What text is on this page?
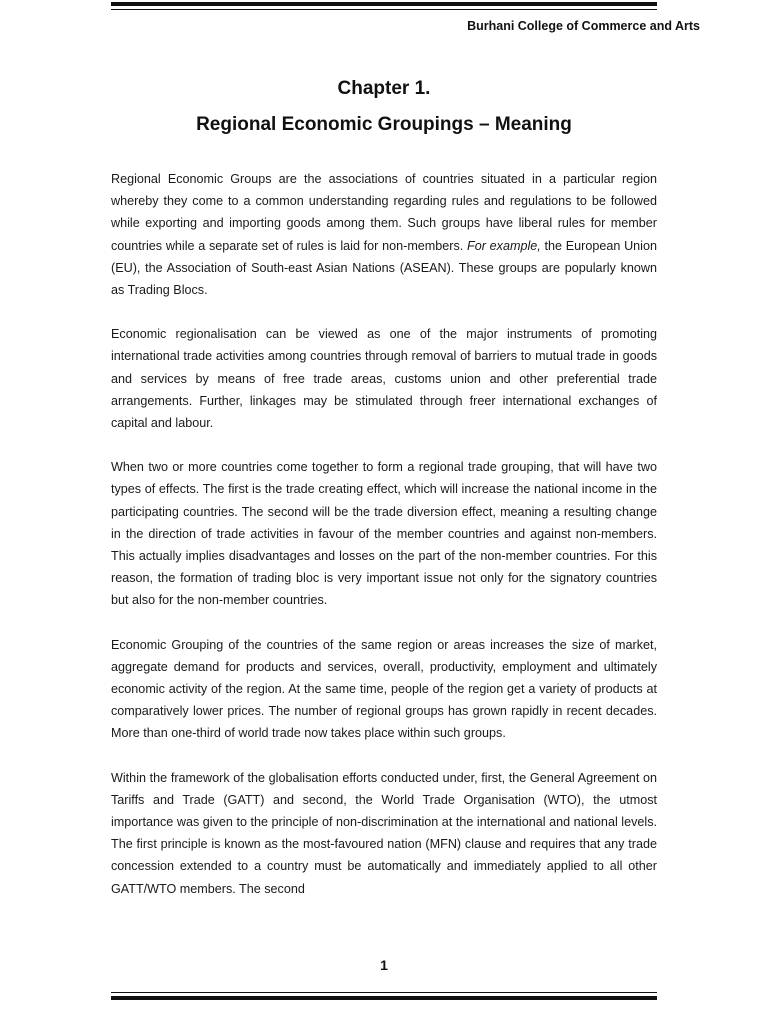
Burhani College of Commerce and Arts
Chapter 1.
Regional Economic Groupings – Meaning

Regional Economic Groups are the associations of countries situated in a particular region whereby they come to a common understanding regarding rules and regulations to be followed while exporting and importing goods among them. Such groups have liberal rules for member countries while a separate set of rules is laid for non-members. For example, the European Union (EU), the Association of South-east Asian Nations (ASEAN). These groups are popularly known as Trading Blocs.

Economic regionalisation can be viewed as one of the major instruments of promoting international trade activities among countries through removal of barriers to mutual trade in goods and services by means of free trade areas, customs union and other preferential trade arrangements. Further, linkages may be stimulated through freer international exchanges of capital and labour.

When two or more countries come together to form a regional trade grouping, that will have two types of effects. The first is the trade creating effect, which will increase the national income in the participating countries. The second will be the trade diversion effect, meaning a resulting change in the direction of trade activities in favour of the member countries and against non-members. This actually implies disadvantages and losses on the part of the non-member countries. For this reason, the formation of trading bloc is very important issue not only for the signatory countries but also for the non-member countries.

Economic Grouping of the countries of the same region or areas increases the size of market, aggregate demand for products and services, overall, productivity, employment and ultimately economic activity of the region. At the same time, people of the region get a variety of products at comparatively lower prices. The number of regional groups has grown rapidly in recent decades. More than one-third of world trade now takes place within such groups.

Within the framework of the globalisation efforts conducted under, first, the General Agreement on Tariffs and Trade (GATT) and second, the World Trade Organisation (WTO), the utmost importance was given to the principle of non-discrimination at the international and national levels. The first principle is known as the most-favoured nation (MFN) clause and requires that any trade concession extended to a country must be automatically and immediately applied to all other GATT/WTO members. The second

1
